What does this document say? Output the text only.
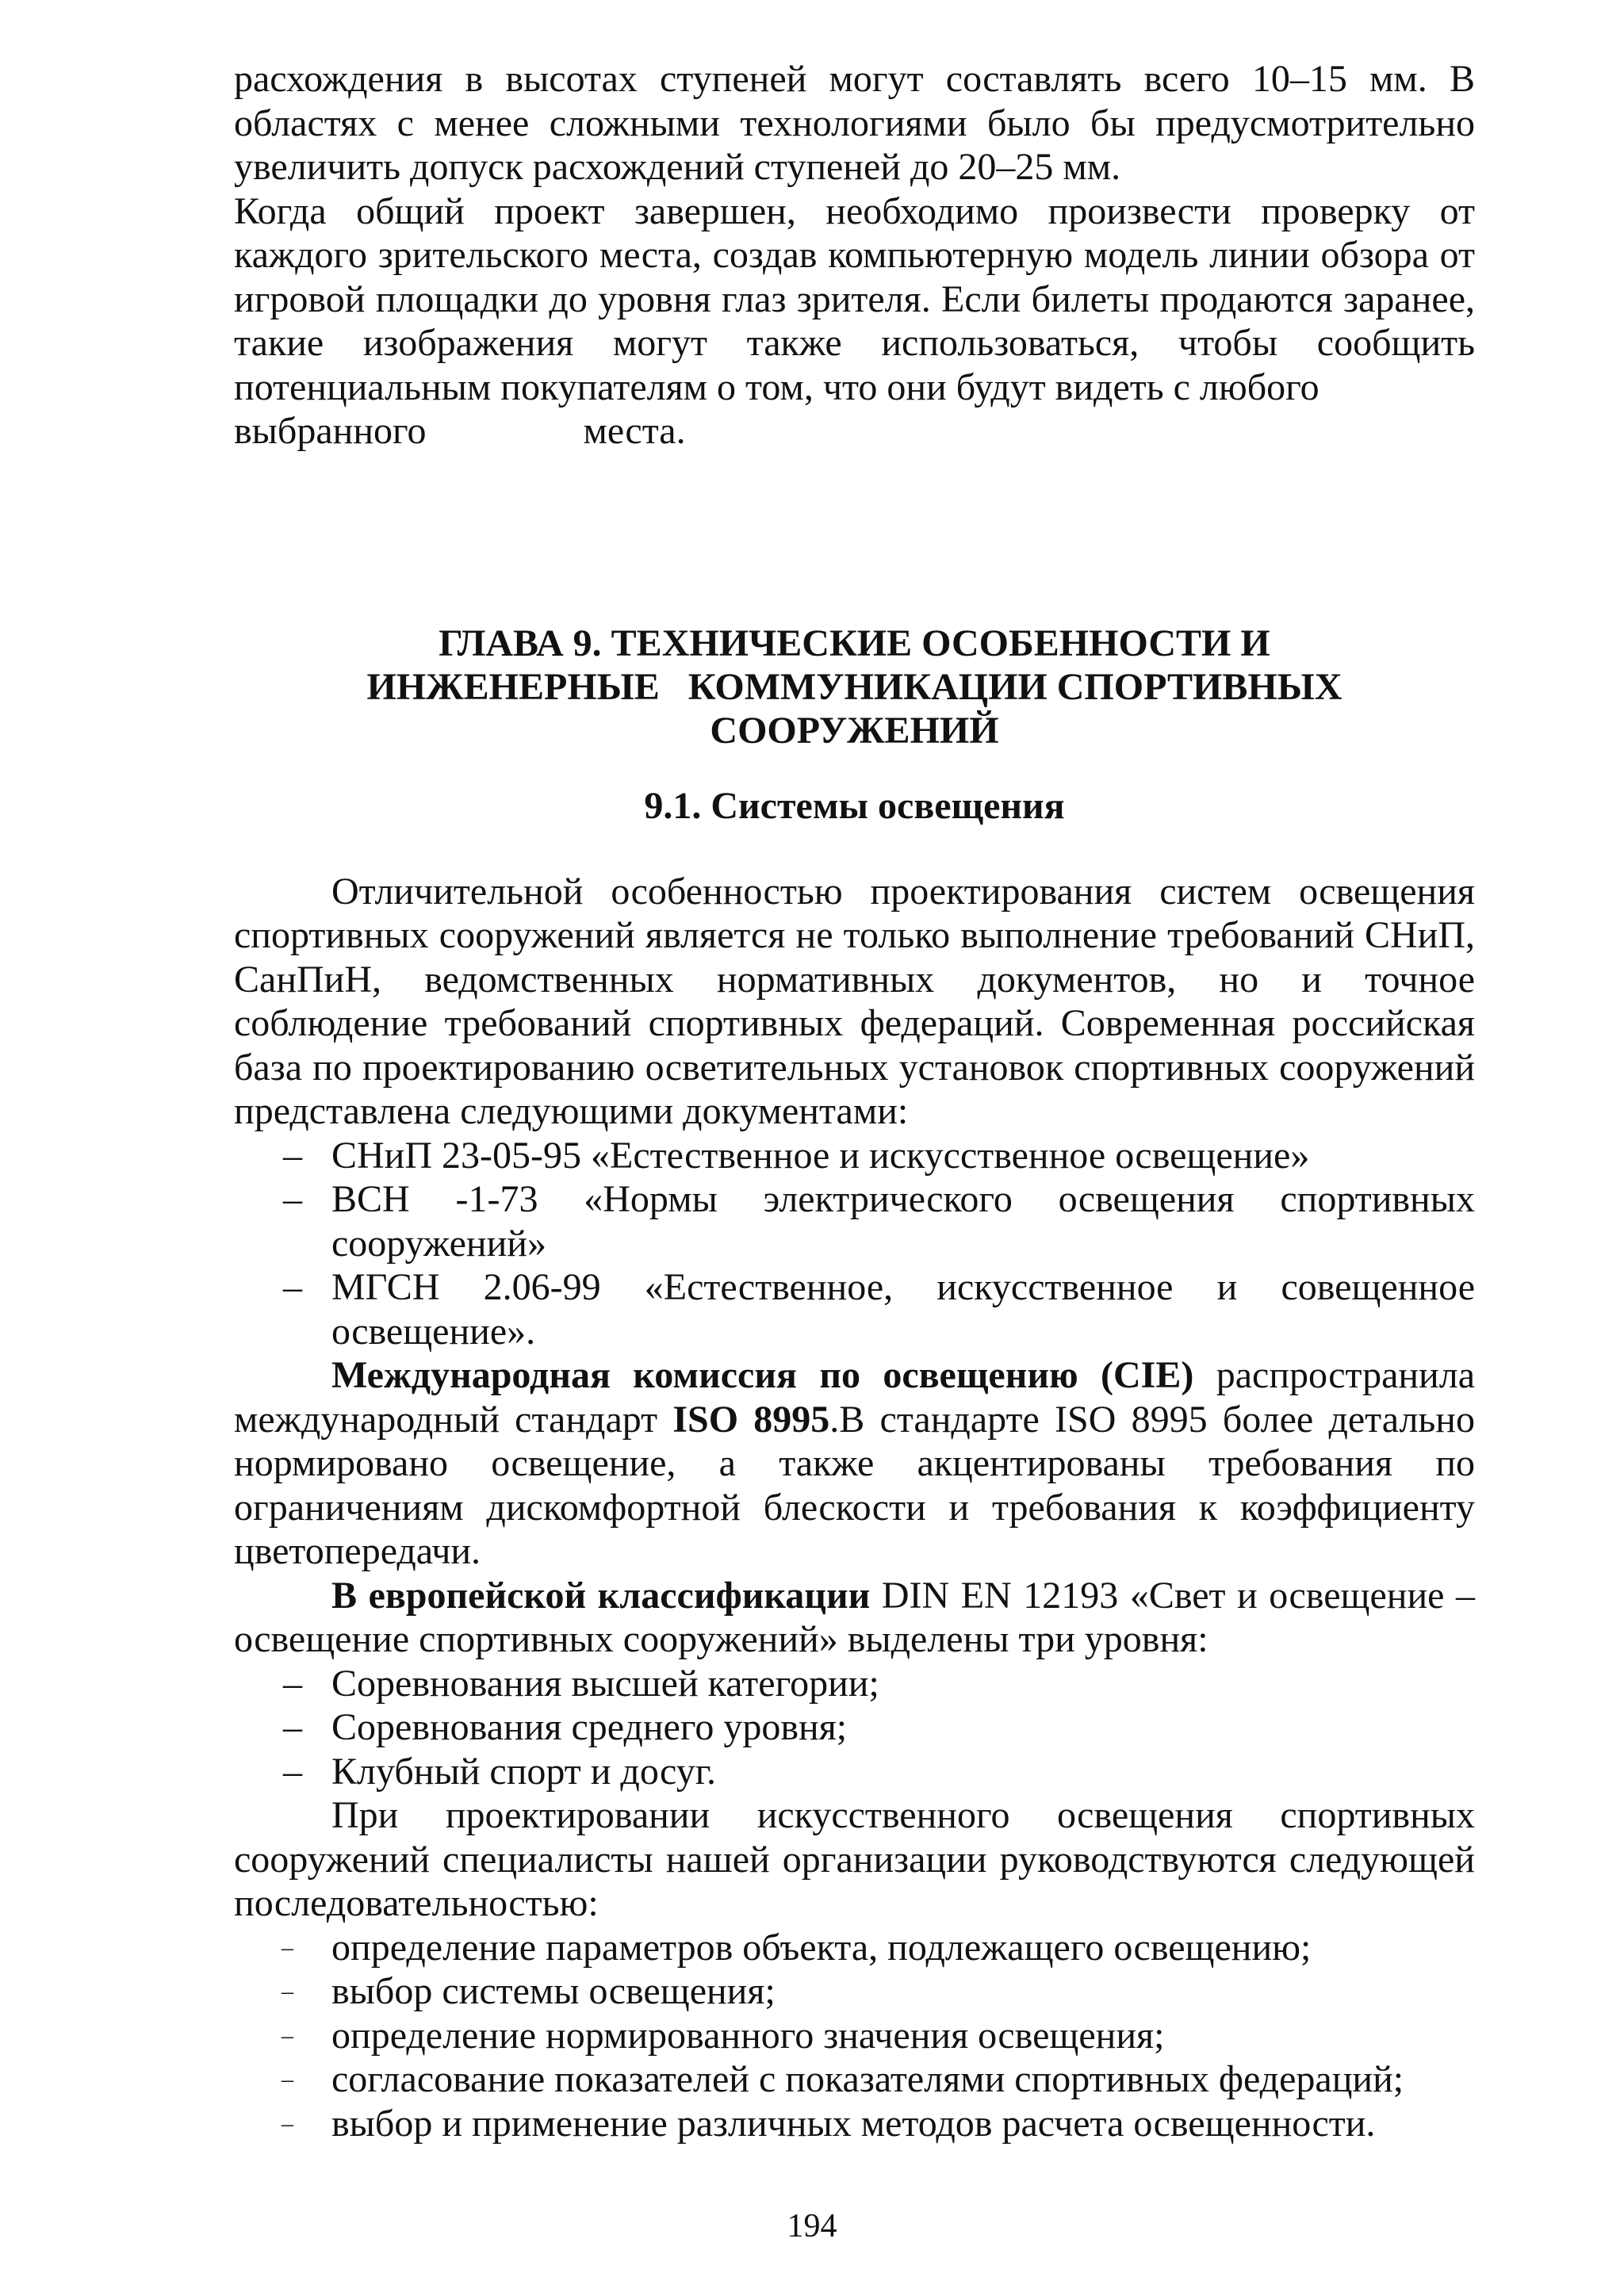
расхождения в высотах ступеней могут составлять всего 10–15 мм. В областях с менее сложными технологиями было бы предусмотрительно увеличить допуск расхождений ступеней до 20–25 мм.

Когда общий проект завершен, необходимо произвести проверку от каждого зрительского места, создав компьютерную модель линии обзора от игровой площадки до уровня глаз зрителя. Если билеты продаются заранее, такие изображения могут также использоваться, чтобы сообщить потенциальным покупателям о том, что они будут видеть с любого
выбранного	места.

ГЛАВА 9. ТЕХНИЧЕСКИЕ ОСОБЕННОСТИ И
ИНЖЕНЕРНЫЕ   КОММУНИКАЦИИ СПОРТИВНЫХ
СООРУЖЕНИЙ
9.1. Системы освещения

Отличительной особенностью проектирования систем освещения спортивных сооружений является не только выполнение требований СНиП, СанПиН, ведомственных нормативных документов, но и точное соблюдение требований спортивных федераций. Современная российская база по проектированию осветительных установок спортивных сооружений представлена следующими документами:

– СНиП 23-05-95 «Естественное и искусственное освещение»
– ВСН -1-73 «Нормы электрического освещения спортивных сооружений»
– МГСН 2.06-99 «Естественное, искусственное и совещенное освещение».

Международная комиссия по освещению (CIE) распространила международный стандарт ISO 8995.В стандарте ISO 8995 более детально нормировано освещение, а также акцентированы требования по ограничениям дискомфортной блескости и требования к коэффициенту цветопередачи.

В европейской классификации DIN EN 12193 «Свет и освещение – освещение спортивных сооружений» выделены три уровня:

– Соревнования высшей категории;
– Соревнования среднего уровня;
– Клубный спорт и досуг.

При проектировании искусственного освещения спортивных сооружений специалисты нашей организации руководствуются следующей последовательностью:

– определение параметров объекта, подлежащего освещению;
– выбор системы освещения;
– определение нормированного значения освещения;
– согласование показателей с показателями спортивных федераций;
– выбор и применение различных методов расчета освещенности.
194
